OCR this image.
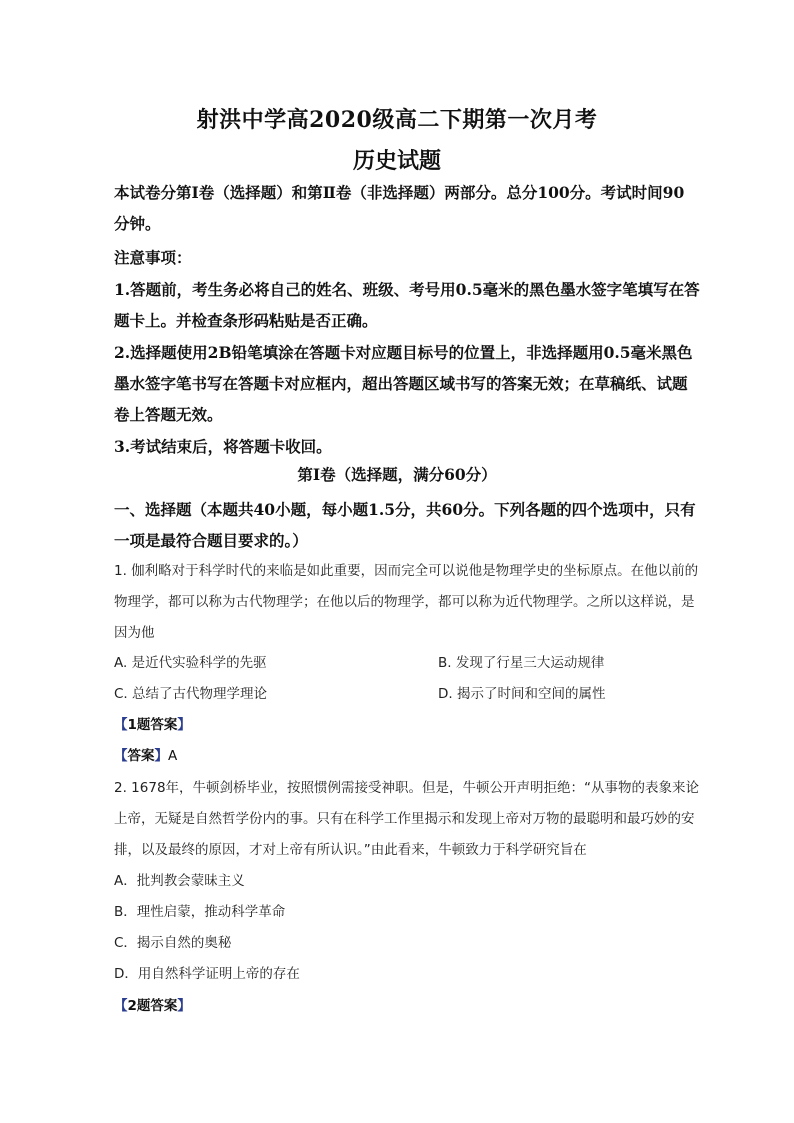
射洪中学高2020级高二下期第一次月考
历史试题
本试卷分第Ⅰ卷（选择题）和第Ⅱ卷（非选择题）两部分。总分100分。考试时间90
分钟。
注意事项：
1.答题前，考生务必将自己的姓名、班级、考号用0.5毫米的黑色墨水签字笔填写在答题卡上。并检查条形码粘贴是否正确。
2.选择题使用2B铅笔填涂在答题卡对应题目标号的位置上，非选择题用0.5毫米黑色墨水签字笔书写在答题卡对应框内，超出答题区域书写的答案无效；在草稿纸、试题卷上答题无效。
3.考试结束后，将答题卡收回。
第Ⅰ卷（选择题，满分60分）
一、选择题（本题共40小题，每小题1.5分，共60分。下列各题的四个选项中，只有一项是最符合题目要求的。）
1. 伽利略对于科学时代的来临是如此重要，因而完全可以说他是物理学史的坐标原点。在他以前的物理学，都可以称为古代物理学；在他以后的物理学，都可以称为近代物理学。之所以这样说，是因为他
A. 是近代实验科学的先驱	B. 发现了行星三大运动规律
C. 总结了古代物理学理论	D. 揭示了时间和空间的属性
【1题答案】
【答案】A
2. 1678年，牛顿剑桥毕业，按照惯例需接受神职。但是，牛顿公开声明拒绝：“从事物的表象来论上帝，无疑是自然哲学份内的事。只有在科学工作里揭示和发现上帝对万物的最聪明和最巧妙的安排，以及最终的原因，才对上帝有所认识。”由此看来，牛顿致力于科学研究旨在
A．批判教会蒙昧主义
B．理性启蒙，推动科学革命
C．揭示自然的奥秘
D．用自然科学证明上帝的存在
【2题答案】
